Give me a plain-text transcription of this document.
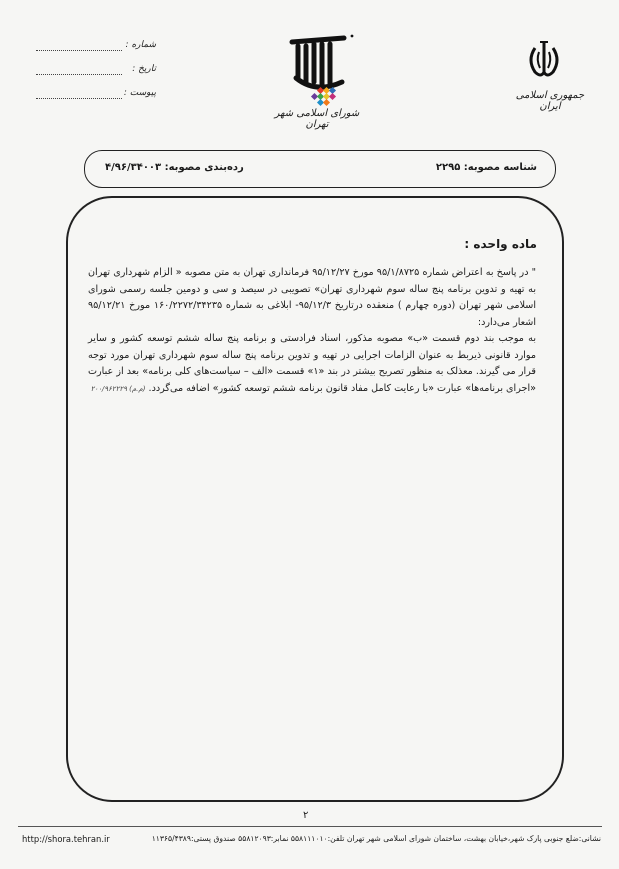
شماره :
تاریخ :
پیوست :
شورای اسلامی شهر تهران
جمهوری اسلامی ایران
شناسه مصوبه: ۲۲۹۵
رده‌بندی مصوبه: ۴/۹۶/۳۴۰۰۳
ماده واحده :

" در پاسخ به اعتراض شماره ۹۵/۱/۸۷۲۵ مورخ ۹۵/۱۲/۲۷ فرمانداری تهران به متن مصوبه « الزام شهرداری تهران به تهیه و تدوین برنامه پنج ساله سوم شهرداری تهران» تصویبی در سیصد و سی و دومین جلسه رسمی شورای اسلامی شهر تهران (دوره چهارم ) منعقده درتاریخ ۹۵/۱۲/۳- ابلاغی به شماره ۱۶۰/۲۲۷۲/۳۴۲۳۵ مورخ ۹۵/۱۲/۲۱ اشعار می‌دارد:

به موجب بند دوم قسمت «ب» مصوبه مذکور، اسناد فرادستی و برنامه پنج ساله ششم توسعه کشور و سایر موارد قانونی ذیربط به عنوان الزامات اجرایی در تهیه و تدوین برنامه پنج ساله سوم شهرداری تهران مورد توجه قرار می گیرند. معذلک به منظور تصریح بیشتر در بند «۱» قسمت «الف – سیاست‌های کلی برنامه» بعد از عبارت «اجرای برنامه‌ها» عبارت «با رعایت کامل مفاد قانون برنامه ششم توسعه کشور» اضافه می‌گردد. (م.م) ۲۰۰/۹۶۲۲۲۹

۲
نشانی:ضلع جنوبی پارک شهر،خیابان بهشت، ساختمان شورای اسلامی شهر تهران تلفن:۵۵۸۱۱۱۰۱۰ نمابر:۵۵۸۱۲۰۹۳ صندوق پستی:۱۱۳۶۵/۴۳۸۹
http://shora.tehran.ir
